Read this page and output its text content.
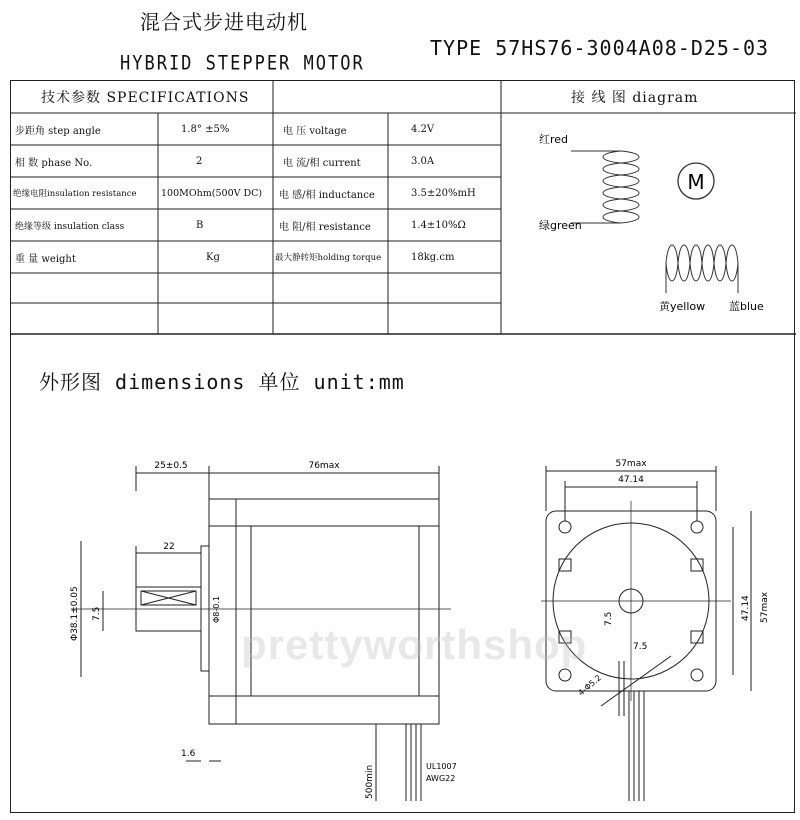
混合式步进电动机
HYBRID STEPPER MOTOR
TYPE 57HS76-3004A08-D25-03
技术参数 SPECIFICATIONS
步距角 step angle	1.8° ±5%	电 压 voltage	4.2V
相 数 phase No.	2	电 流/相 current	3.0A
绝缘电阻insulation resistance	100MOhm(500V DC) 电 感/相 inductance	3.5±20%mH
绝缘等级 insulation class	B	电 阻/相 resistance	1.4±10%Ω
重 量 weight	Kg	最大静转矩holding torque	18kg.cm
接 线 图 diagram
M
红red
绿green
黄yellow 蓝blue
外形图 dimensions 单位 unit:mm
25±0.5	76max
22
7.5
Φ38.1±0.05	Φ8-0.1
1.6
500min	UL1007
AWG22
57max
47.14
47.14 57max
4-Φ5.2
7.5
7.5
prettyworthshop
